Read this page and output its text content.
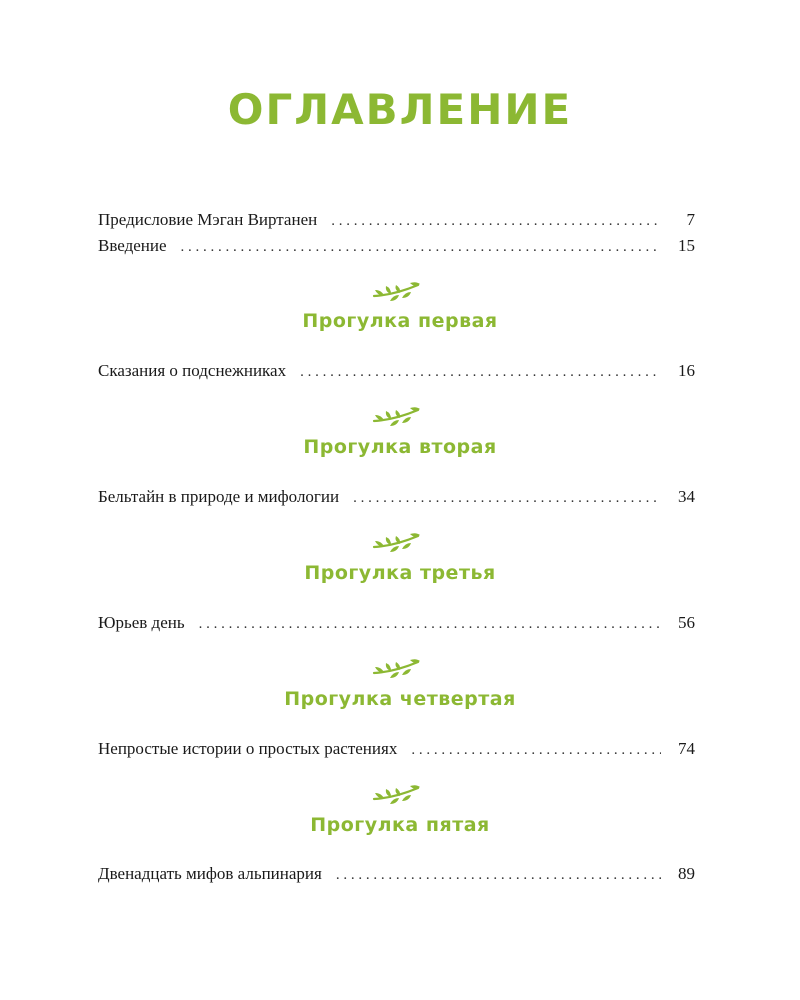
ОГЛАВЛЕНИЕ
Предисловие Мэган Виртанен . . .	7
Введение . . .	15
Прогулка первая
Сказания о подснежниках . . .	16
Прогулка вторая
Бельтайн в природе и мифологии . . .	34
Прогулка третья
Юрьев день . . .	56
Прогулка четвертая
Непростые истории о простых растениях . . .	74
Прогулка пятая
Двенадцать мифов альпинария . . .	89
